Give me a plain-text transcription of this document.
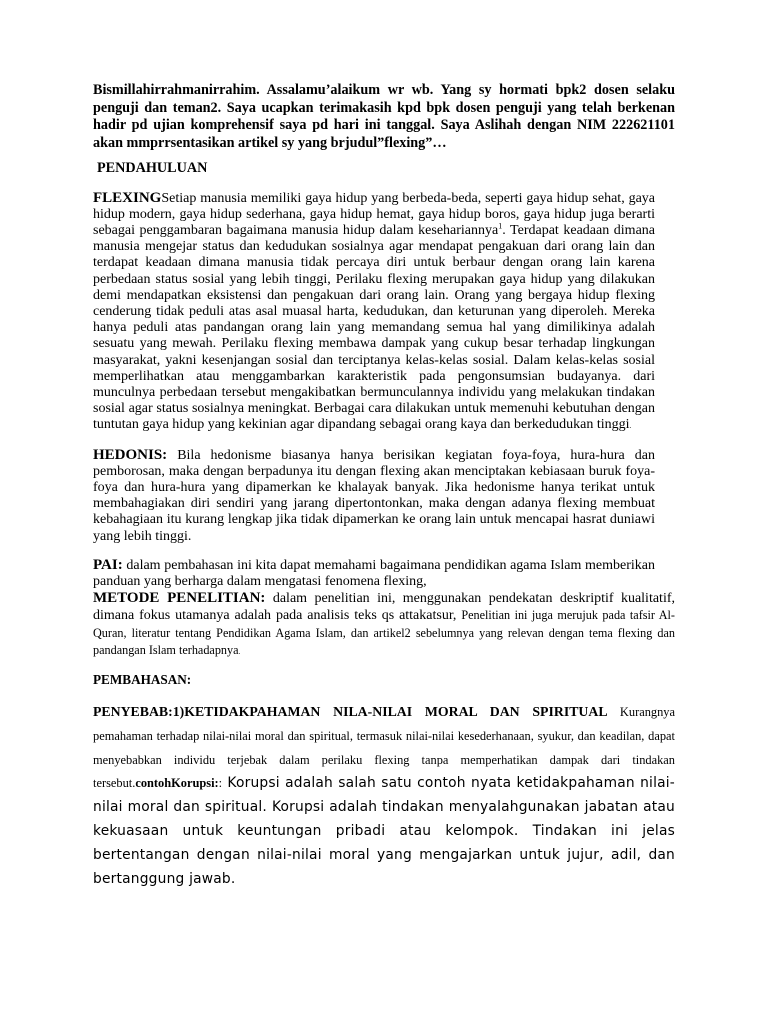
Bismillahirrahmanirrahim. Assalamu’alaikum wr wb. Yang sy hormati bpk2 dosen selaku penguji dan teman2. Saya ucapkan terimakasih kpd bpk dosen penguji yang telah berkenan hadir pd ujian komprehensif saya pd hari ini tanggal. Saya Aslihah dengan NIM 222621101 akan mmprrsentasikan artikel sy yang brjudul”flexing”…

PENDAHULUAN

FLEXINGSetiap manusia memiliki gaya hidup yang berbeda-beda, seperti gaya hidup sehat, gaya hidup modern, gaya hidup sederhana, gaya hidup hemat, gaya hidup boros, gaya hidup juga berarti sebagai penggambaran bagaimana manusia hidup dalam kesehariannya$^1$. Terdapat keadaan dimana manusia mengejar status dan kedudukan sosialnya agar mendapat pengakuan dari orang lain dan terdapat keadaan dimana manusia tidak percaya diri untuk berbaur dengan orang lain karena perbedaan status sosial yang lebih tinggi, Perilaku flexing merupakan gaya hidup yang dilakukan demi mendapatkan eksistensi dan pengakuan dari orang lain. Orang yang bergaya hidup flexing cenderung tidak peduli atas asal muasal harta, kedudukan, dan keturunan yang diperoleh. Mereka hanya peduli atas pandangan orang lain yang memandang semua hal yang dimilikinya adalah sesuatu yang mewah. Perilaku flexing membawa dampak yang cukup besar terhadap lingkungan masyarakat, yakni kesenjangan sosial dan terciptanya kelas-kelas sosial. Dalam kelas-kelas sosial memperlihatkan atau menggambarkan karakteristik pada pengonsumsian budayanya. dari munculnya perbedaan tersebut mengakibatkan bermunculannya individu yang melakukan tindakan sosial agar status sosialnya meningkat. Berbagai cara dilakukan untuk memenuhi kebutuhan dengan tuntutan gaya hidup yang kekinian agar dipandang sebagai orang kaya dan berkedudukan tinggi.

HEDONIS: Bila hedonisme biasanya hanya berisikan kegiatan foya-foya, hura-hura dan pemborosan, maka dengan berpadunya itu dengan flexing akan menciptakan kebiasaan buruk foya-foya dan hura-hura yang dipamerkan ke khalayak banyak. Jika hedonisme hanya terikat untuk membahagiakan diri sendiri yang jarang dipertontonkan, maka dengan adanya flexing membuat kebahagiaan itu kurang lengkap jika tidak dipamerkan ke orang lain untuk mencapai hasrat duniawi yang lebih tinggi.

PAI: dalam pembahasan ini kita dapat memahami bagaimana pendidikan agama Islam memberikan panduan yang berharga dalam mengatasi fenomena flexing,

METODE PENELITIAN: dalam penelitian ini, menggunakan pendekatan deskriptif kualitatif, dimana fokus utamanya adalah pada analisis teks qs attakatsur, Penelitian ini juga merujuk pada tafsir Al-Quran, literatur tentang Pendidikan Agama Islam, dan artikel2 sebelumnya yang relevan dengan tema flexing dan pandangan Islam terhadapnya.

PEMBAHASAN:

PENYEBAB:1)KETIDAKPAHAMAN NILA-NILAI MORAL DAN SPIRITUAL Kurangnya pemahaman terhadap nilai-nilai moral dan spiritual, termasuk nilai-nilai kesederhanaan, syukur, dan keadilan, dapat menyebabkan individu terjebak dalam perilaku flexing tanpa memperhatikan dampak dari tindakan tersebut.contohKorupsi:: Korupsi adalah salah satu contoh nyata ketidakpahaman nilai-nilai moral dan spiritual. Korupsi adalah tindakan menyalahgunakan jabatan atau kekuasaan untuk keuntungan pribadi atau kelompok. Tindakan ini jelas bertentangan dengan nilai-nilai moral yang mengajarkan untuk jujur, adil, dan bertanggung jawab.
